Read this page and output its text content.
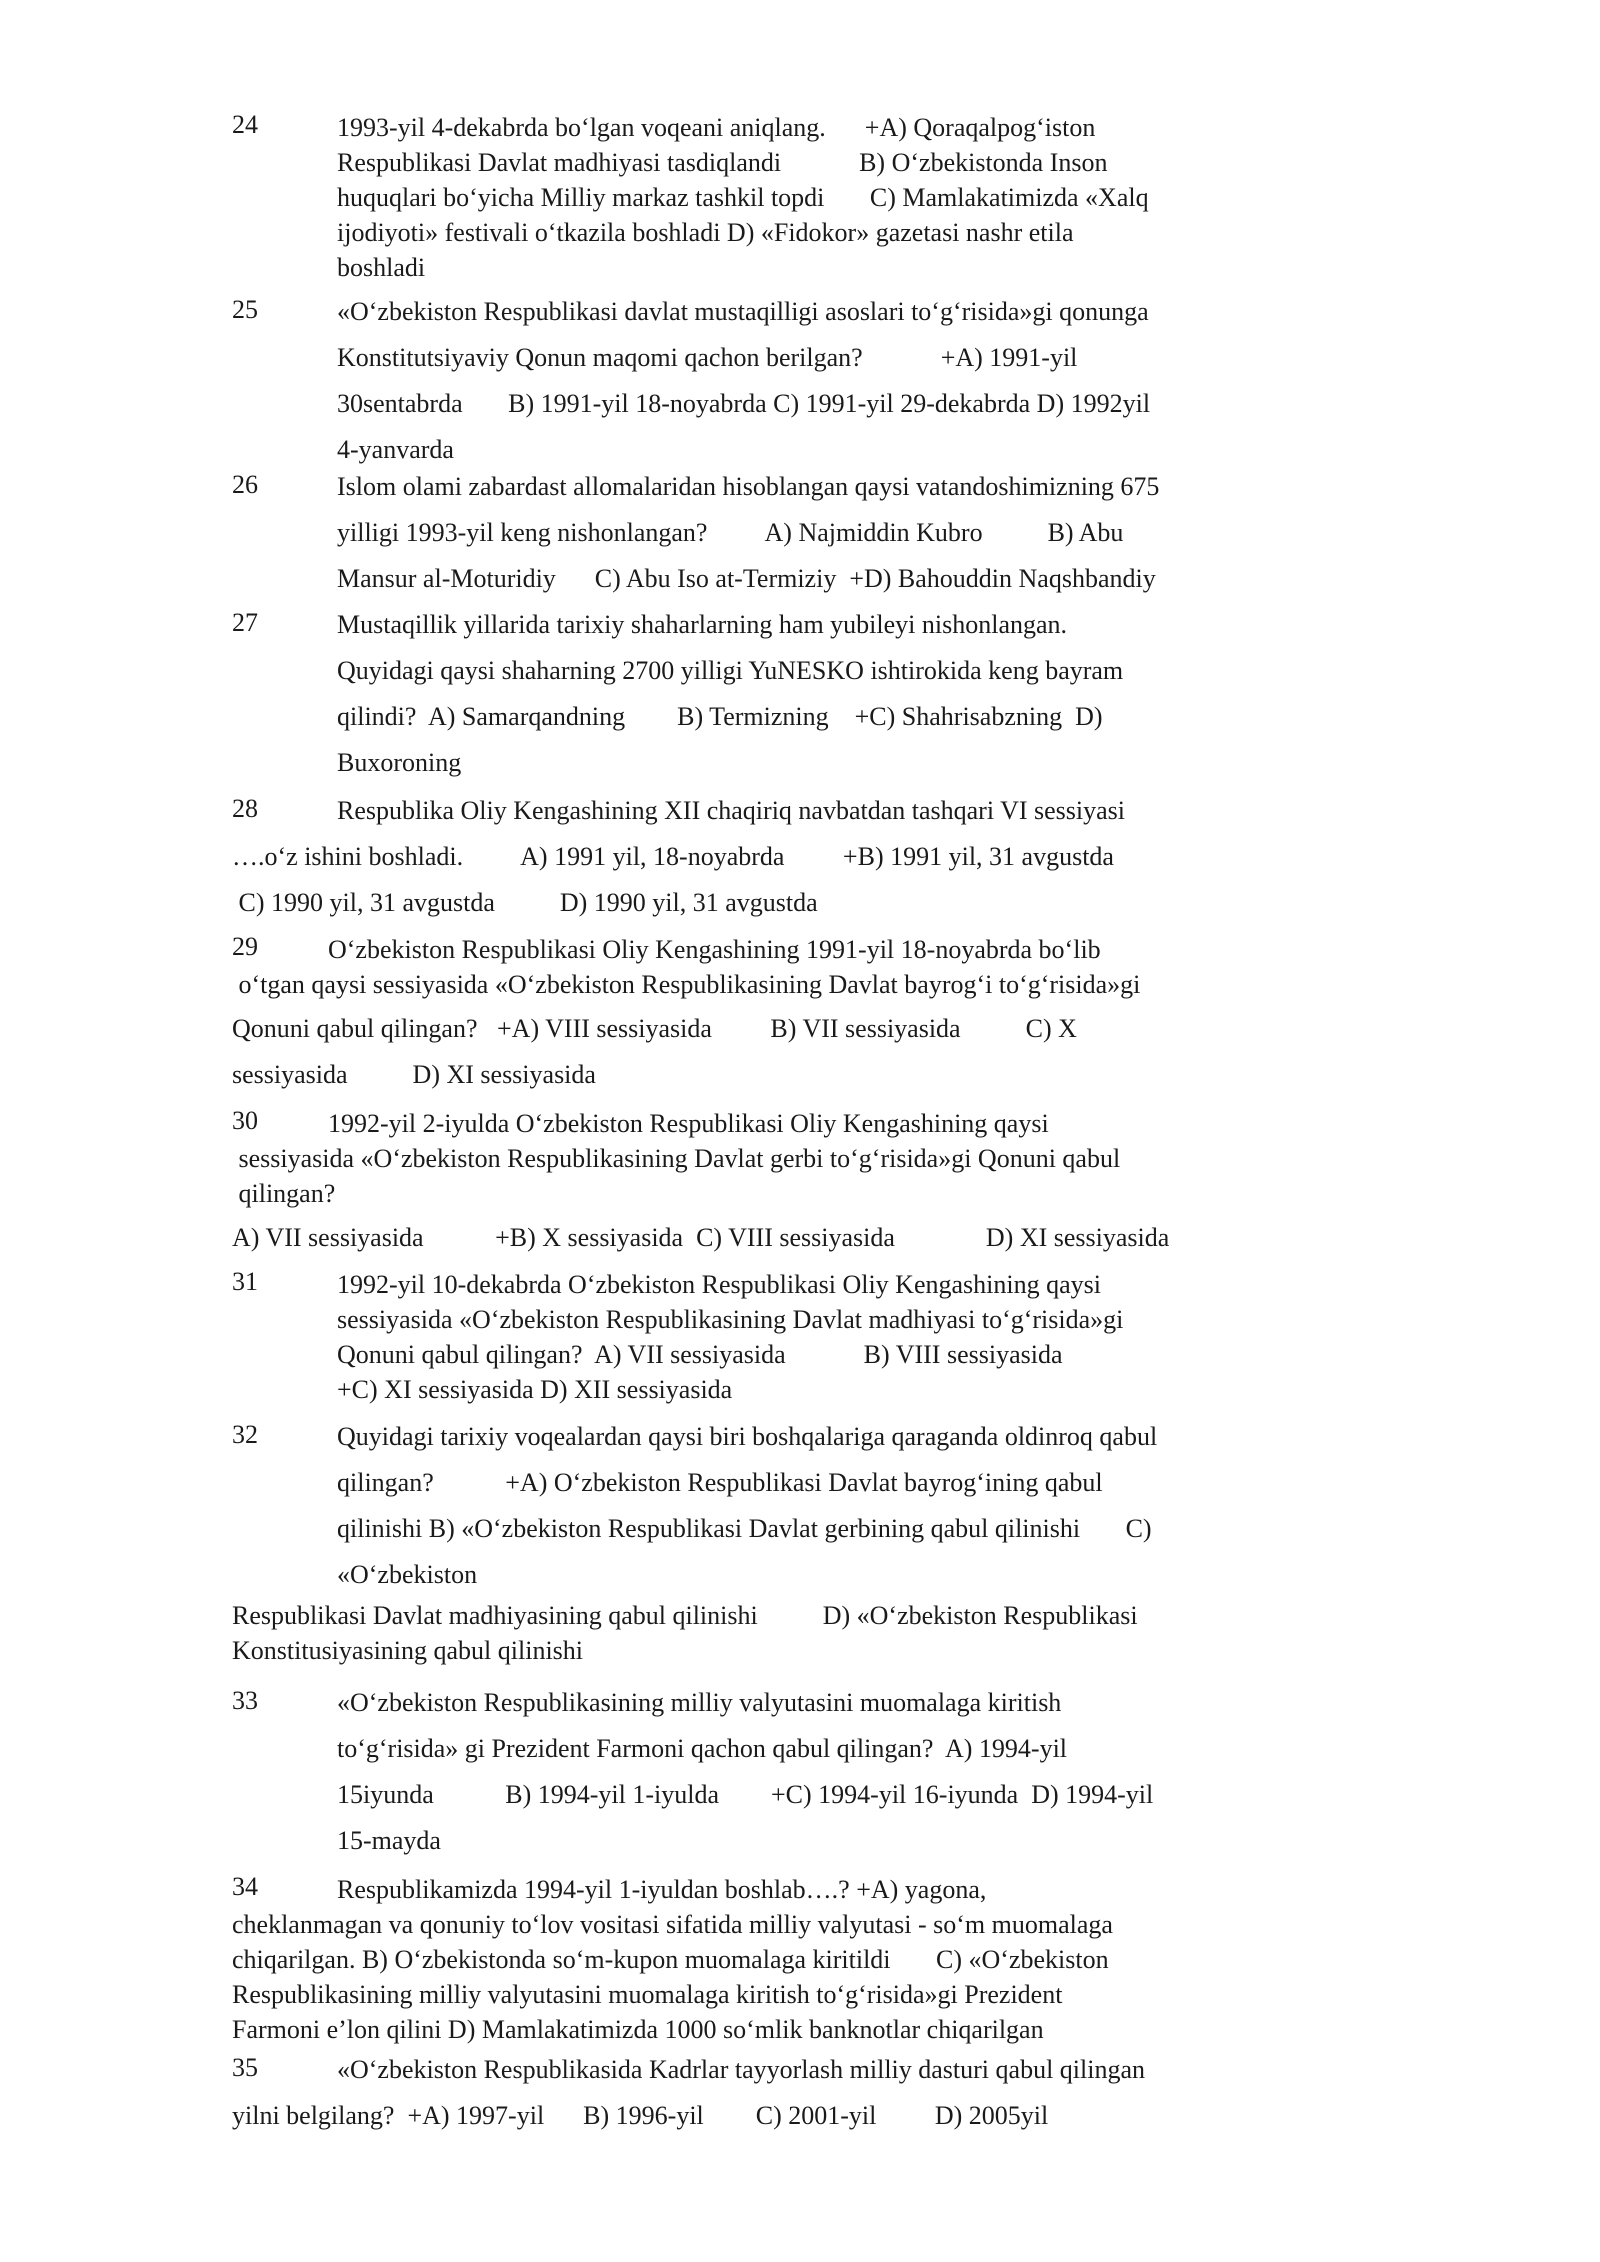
24	1993-yil 4-dekabrda bo‘lgan voqeani aniqlang.      +A) Qoraqalpog‘iston
Respublikasi Davlat madhiyasi tasdiqlandi            B) O‘zbekistonda Inson
huquqlari bo‘yicha Milliy markaz tashkil topdi       C) Mamlakatimizda «Xalq
ijodiyoti» festivali o‘tkazila boshladi D) «Fidokor» gazetasi nashr etila
boshladi
25	«O‘zbekiston Respublikasi davlat mustaqilligi asoslari to‘g‘risida»gi qonunga
Konstitutsiyaviy Qonun maqomi qachon berilgan?            +A) 1991-yil
30sentabrda       B) 1991-yil 18-noyabrda C) 1991-yil 29-dekabrda D) 1992yil
4-yanvarda
26	Islom olami zabardast allomalaridan hisoblangan qaysi vatandoshimizning 675
yilligi 1993-yil keng nishonlangan?         A) Najmiddin Kubro          B) Abu
Mansur al-Moturidiy      C) Abu Iso at-Termiziy  +D) Bahouddin Naqshbandiy
27	Mustaqillik yillarida tarixiy shaharlarning ham yubileyi nishonlangan.
Quyidagi qaysi shaharning 2700 yilligi YuNESKO ishtirokida keng bayram
qilindi?  A) Samarqandning        B) Termizning    +C) Shahrisabzning  D)
Buxoroning
28	Respublika Oliy Kengashining XII chaqiriq navbatdan tashqari VI sessiyasi
….o‘z ishini boshladi.         A) 1991 yil, 18-noyabrda         +B) 1991 yil, 31 avgustda
C) 1990 yil, 31 avgustda          D) 1990 yil, 31 avgustda
29	O‘zbekiston Respublikasi Oliy Kengashining 1991-yil 18-noyabrda bo‘lib
o‘tgan qaysi sessiyasida «O‘zbekiston Respublikasining Davlat bayrog‘i to‘g‘risida»gi
Qonuni qabul qilingan?   +A) VIII sessiyasida         B) VII sessiyasida          C) X
sessiyasida          D) XI sessiyasida
30	1992-yil 2-iyulda O‘zbekiston Respublikasi Oliy Kengashining qaysi
sessiyasida «O‘zbekiston Respublikasining Davlat gerbi to‘g‘risida»gi Qonuni qabul
qilingan?
A) VII sessiyasida           +B) X sessiyasida  C) VIII sessiyasida              D) XI sessiyasida
31	1992-yil 10-dekabrda O‘zbekiston Respublikasi Oliy Kengashining qaysi
sessiyasida «O‘zbekiston Respublikasining Davlat madhiyasi to‘g‘risida»gi
Qonuni qabul qilingan?  A) VII sessiyasida            B) VIII sessiyasida
+C) XI sessiyasida D) XII sessiyasida
32	Quyidagi tarixiy voqealardan qaysi biri boshqalariga qaraganda oldinroq qabul
qilingan?           +A) O‘zbekiston Respublikasi Davlat bayrog‘ining qabul
qilinishi B) «O‘zbekiston Respublikasi Davlat gerbining qabul qilinishi       C)
«O‘zbekiston
Respublikasi Davlat madhiyasining qabul qilinishi          D) «O‘zbekiston Respublikasi
Konstitusiyasining qabul qilinishi
33	«O‘zbekiston Respublikasining milliy valyutasini muomalaga kiritish
to‘g‘risida» gi Prezident Farmoni qachon qabul qilingan?  A) 1994-yil
15iyunda           B) 1994-yil 1-iyulda        +C) 1994-yil 16-iyunda  D) 1994-yil
15-mayda
34	Respublikamizda 1994-yil 1-iyuldan boshlab….? +A) yagona,
cheklanmagan va qonuniy to‘lov vositasi sifatida milliy valyutasi - so‘m muomalaga
chiqarilgan. B) O‘zbekistonda so‘m-kupon muomalaga kiritildi       C) «O‘zbekiston
Respublikasining milliy valyutasini muomalaga kiritish to‘g‘risida»gi Prezident
Farmoni e’lon qilini D) Mamlakatimizda 1000 so‘mlik banknotlar chiqarilgan
35	«O‘zbekiston Respublikasida Kadrlar tayyorlash milliy dasturi qabul qilingan
yilni belgilang?  +A) 1997-yil      B) 1996-yil        C) 2001-yil         D) 2005yil
